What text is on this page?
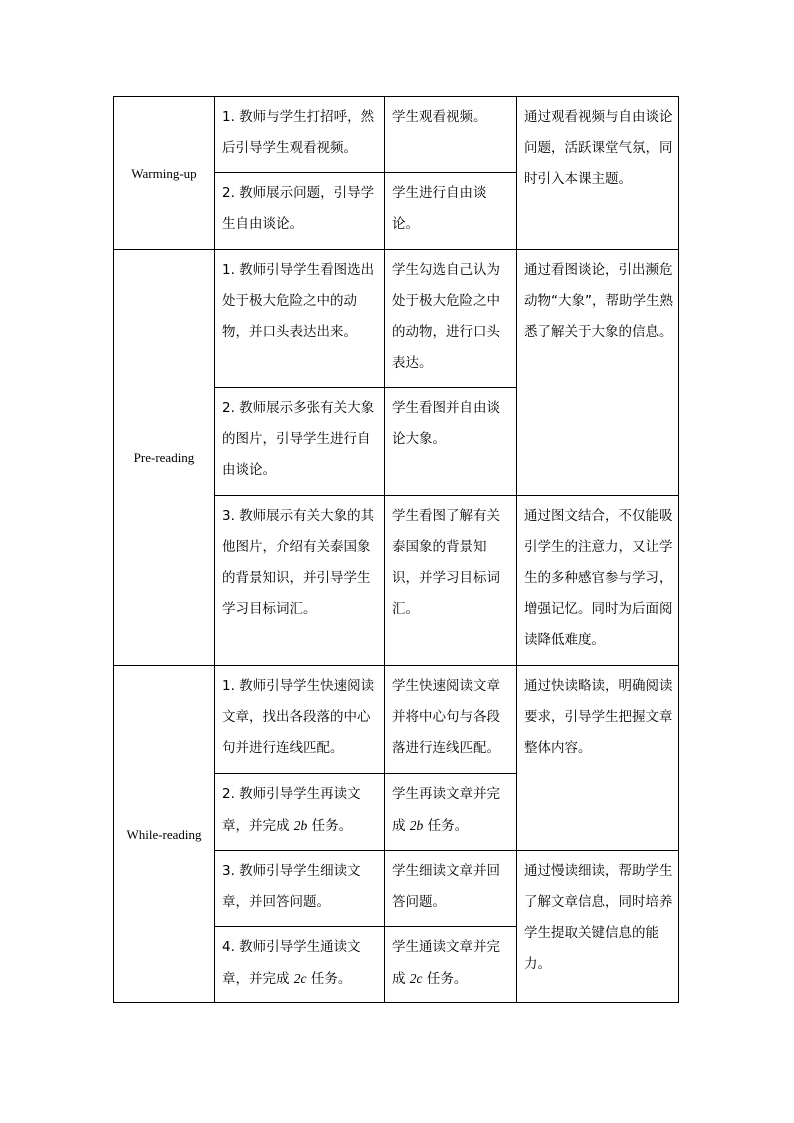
Warming-up	1. 教师与学生打招呼，然后引导学生观看视频。	学生观看视频。	通过观看视频与自由谈论问题，活跃课堂气氛，同时引入本课主题。
	2. 教师展示问题，引导学生自由谈论。	学生进行自由谈论。	
Pre-reading	1. 教师引导学生看图选出处于极大危险之中的动物，并口头表达出来。	学生勾选自己认为处于极大危险之中的动物，进行口头表达。	通过看图谈论，引出濒危动物“大象”，帮助学生熟悉了解关于大象的信息。
	2. 教师展示多张有关大象的图片，引导学生进行自由谈论。	学生看图并自由谈论大象。	
	3. 教师展示有关大象的其他图片，介绍有关泰国象的背景知识，并引导学生学习目标词汇。	学生看图了解有关泰国象的背景知识，并学习目标词汇。	通过图文结合，不仅能吸引学生的注意力，又让学生的多种感官参与学习，增强记忆。同时为后面阅读降低难度。
While-reading	1. 教师引导学生快速阅读文章，找出各段落的中心句并进行连线匹配。	学生快速阅读文章并将中心句与各段落进行连线匹配。	通过快读略读，明确阅读要求，引导学生把握文章整体内容。
	2. 教师引导学生再读文章，并完成 2b 任务。	学生再读文章并完成 2b 任务。	
	3. 教师引导学生细读文章，并回答问题。	学生细读文章并回答问题。	通过慢读细读，帮助学生了解文章信息，同时培养学生提取关键信息的能力。
	4. 教师引导学生通读文章，并完成 2c 任务。	学生通读文章并完成 2c 任务。	
